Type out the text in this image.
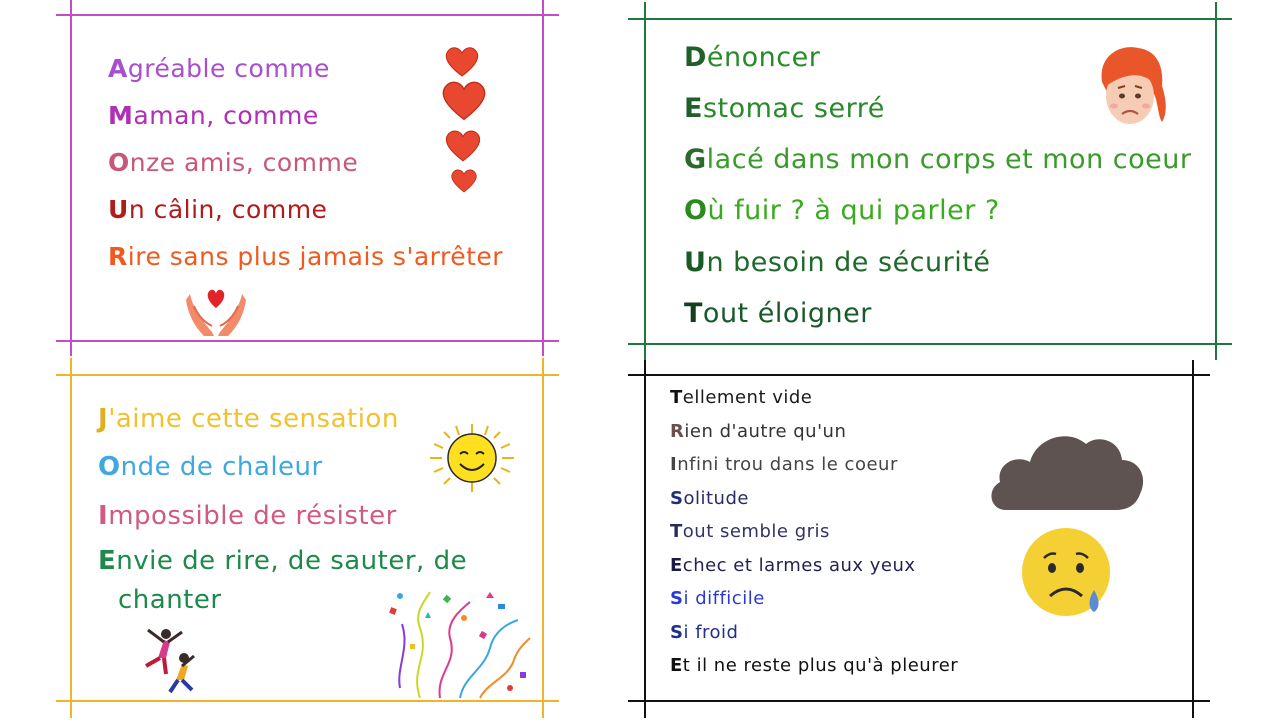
Agréable comme
Maman, comme
Onze amis, comme
Un câlin, comme
Rire sans plus jamais s'arrêter
Dénoncer
Estomac serré
Glacé dans mon corps et mon coeur
Où fuir ? à qui parler ?
Un besoin de sécurité
Tout éloigner
J'aime cette sensation
Onde de chaleur
Impossible de résister
Envie de rire, de sauter, de
chanter
Tellement vide
Rien d'autre qu'un
Infini trou dans le coeur
Solitude
Tout semble gris
Echec et larmes aux yeux
Si difficile
Si froid
Et il ne reste plus qu'à pleurer
